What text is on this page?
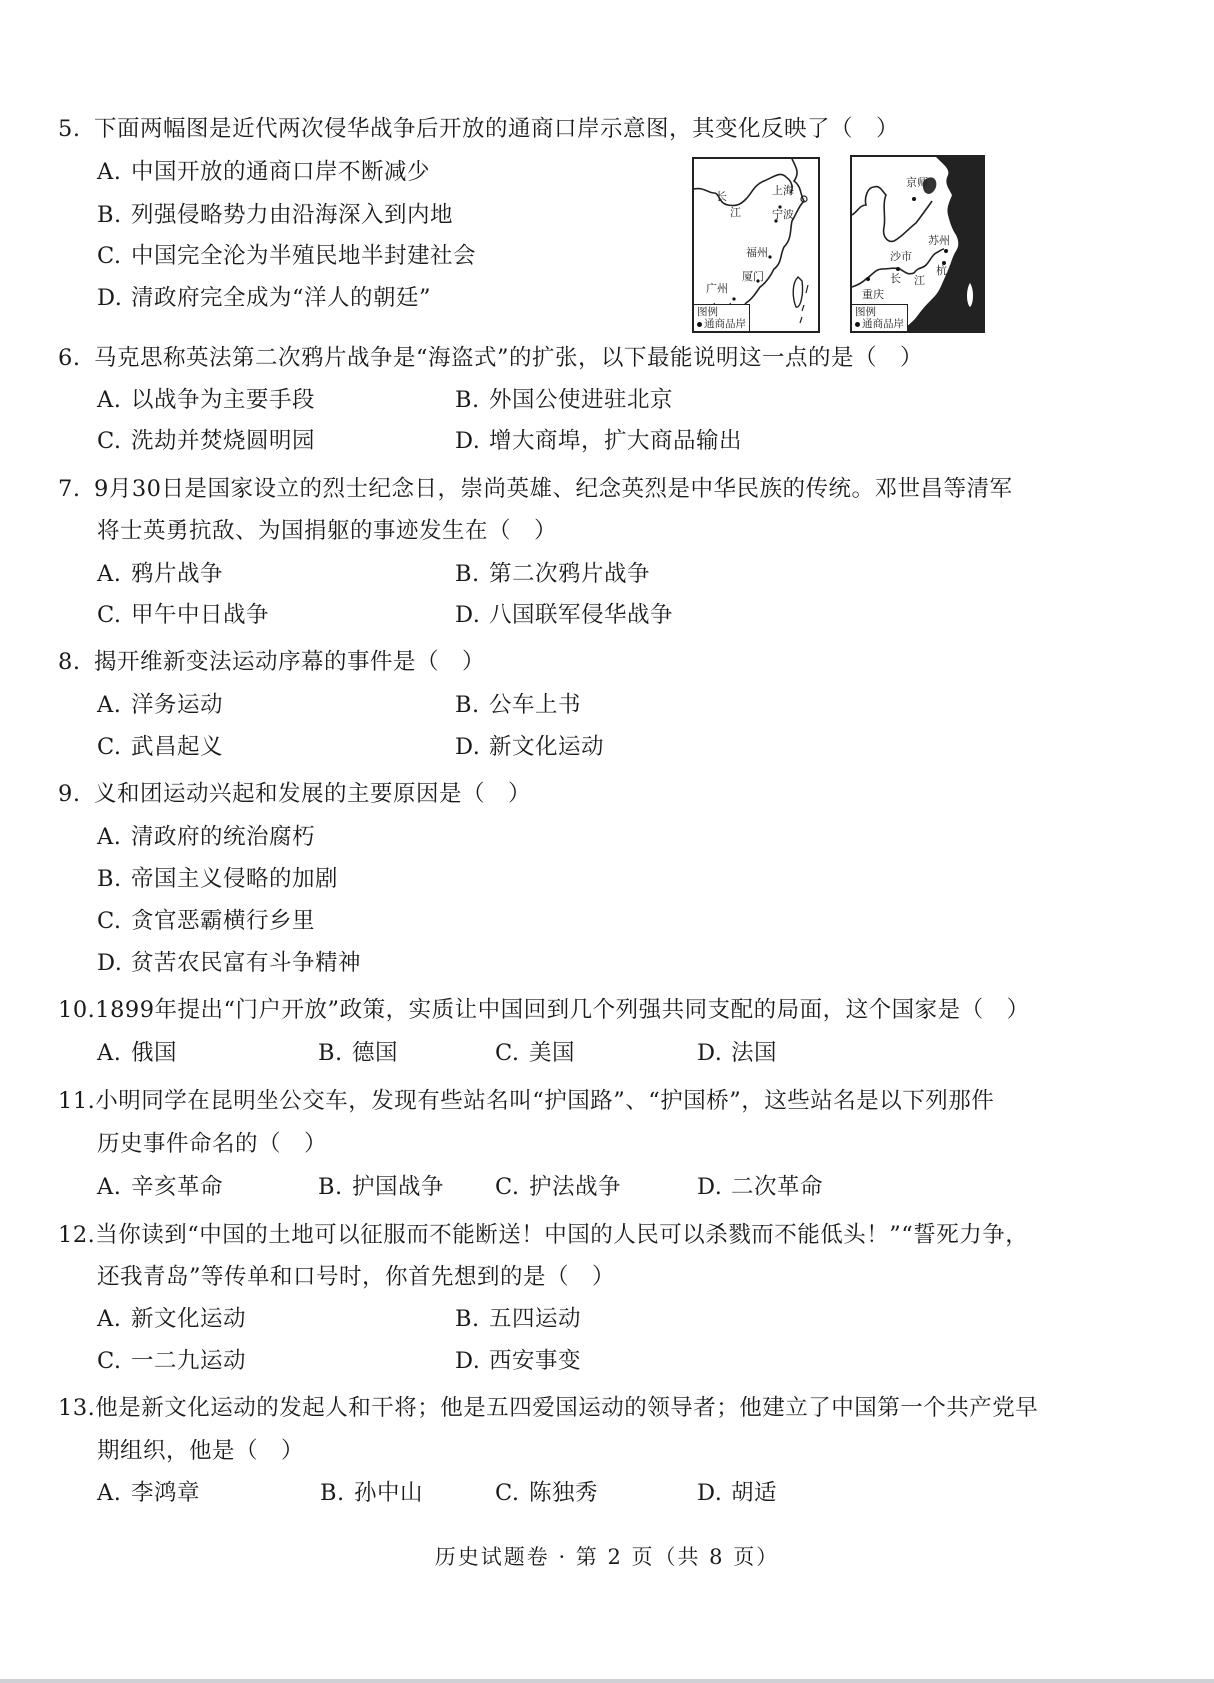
5. 下面两幅图是近代两次侵华战争后开放的通商口岸示意图，其变化反映了（　）
A. 中国开放的通商口岸不断减少
B. 列强侵略势力由沿海深入到内地
C. 中国完全沦为半殖民地半封建社会
D. 清政府完全成为“洋人的朝廷”
长
江
上海
宁波
福州
厦门
广州
图例
通商品岸
京师
苏州
沙市
长 江
杭州
重庆
图例
通商品岸
6. 马克思称英法第二次鸦片战争是“海盗式”的扩张，以下最能说明这一点的是（　）
A. 以战争为主要手段	B. 外国公使进驻北京
C. 洗劫并焚烧圆明园	D. 增大商埠，扩大商品输出
7. 9月30日是国家设立的烈士纪念日，崇尚英雄、纪念英烈是中华民族的传统。邓世昌等清军
将士英勇抗敌、为国捐躯的事迹发生在（　）
A. 鸦片战争	B. 第二次鸦片战争
C. 甲午中日战争	D. 八国联军侵华战争
8. 揭开维新变法运动序幕的事件是（　）
A. 洋务运动	B. 公车上书
C. 武昌起义	D. 新文化运动
9. 义和团运动兴起和发展的主要原因是（　）
A. 清政府的统治腐朽
B. 帝国主义侵略的加剧
C. 贪官恶霸横行乡里
D. 贫苦农民富有斗争精神
10.1899年提出“门户开放”政策，实质让中国回到几个列强共同支配的局面，这个国家是（　）
A. 俄国	B. 德国	C. 美国	D. 法国
11.小明同学在昆明坐公交车，发现有些站名叫“护国路”、“护国桥”，这些站名是以下列那件
历史事件命名的（　）
A. 辛亥革命	B. 护国战争 C. 护法战争	D. 二次革命
12.当你读到“中国的土地可以征服而不能断送！中国的人民可以杀戮而不能低头！”“誓死力争，
还我青岛”等传单和口号时，你首先想到的是（　）
A. 新文化运动	B. 五四运动
C. 一二九运动	D. 西安事变
13.他是新文化运动的发起人和干将；他是五四爱国运动的领导者；他建立了中国第一个共产党早
期组织，他是（　）
A. 李鸿章	B. 孙中山	C. 陈独秀	D. 胡适
历史试题卷 · 第 2 页（共 8 页）
